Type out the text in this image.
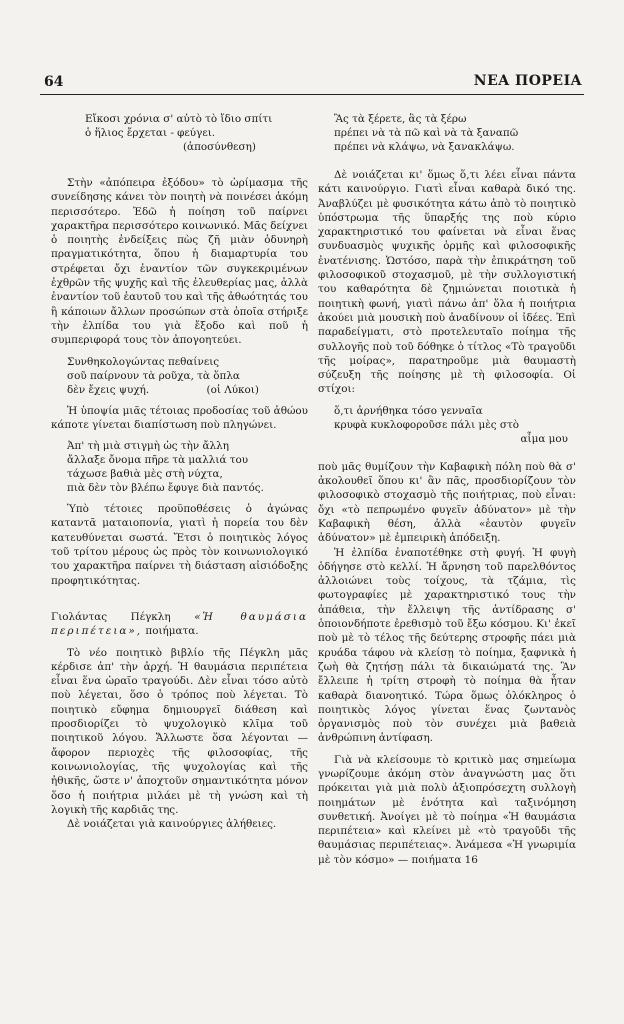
64	ΝΕΑ ΠΟΡΕΙΑ
Εἴκοσι χρόνια σ' αὐτὸ τὸ ἴδιο σπίτι
ὁ ἥλιος ἔρχεται - φεύγει.
(ἀποσύνθεση)

Στὴν «ἀπόπειρα ἐξόδου» τὸ ὡρίμασμα τῆς συνείδησης κάνει τὸν ποιητὴ νὰ ποινέσει ἀκόμη περισσότερο. Ἐδῶ ἡ ποίηση τοῦ παίρνει χαρακτῆρα περισσότερο κοινωνικό. Μᾶς δείχνει ὁ ποιητὴς ἐνδείξεις πὼς ζῆ μιὰν ὀδυνηρὴ πραγματικότητα, ὅπου ἡ διαμαρτυρία του στρέφεται ὄχι ἐναντίον τῶν συγκεκριμένων ἐχθρῶν τῆς ψυχῆς καὶ τῆς ἐλευθερίας μας, ἀλλὰ ἐναντίον τοῦ ἑαυτοῦ του καὶ τῆς ἀθωότητάς του ἢ κάποιων ἄλλων προσώπων στὰ ὁποῖα στήριξε τὴν ἐλπίδα του γιὰ ἔξοδο καὶ ποῦ ἡ συμπεριφορά τους τὸν ἀπογοητεύει.

Συνθηκολογώντας πεθαίνεις
σοῦ παίρνουν τὰ ροῦχα, τὰ ὅπλα
δὲν ἔχεις ψυχή.	(οἱ Λύκοι)

Ἡ ὑποψία μιᾶς τέτοιας προδοσίας τοῦ ἀθώου κάποτε γίνεται διαπίστωση ποὺ πληγώνει.

Ἀπ' τὴ μιὰ στιγμὴ ὡς τὴν ἄλλη
ἄλλαξε ὄνομα πῆρε τὰ μαλλιά του
τάχωσε βαθιὰ μὲς στὴ νύχτα,
πιὰ δὲν τὸν βλέπω ἔφυγε διὰ παντός.

Ὑπὸ τέτοιες προϋποθέσεις ὁ ἀγώνας καταντᾶ ματαιοπονία, γιατὶ ἡ πορεία του δὲν κατευθύνεται σωστά. Ἔτσι ὁ ποιητικὸς λόγος τοῦ τρίτου μέρους ὡς πρὸς τὸν κοινωνιολογικό του χαρακτῆρα παίρνει τὴ διάσταση αἰσιόδοξης προφητικότητας.

Γιολάντας Πέγκλη «Ἡ θαυμάσια περιπέτεια», ποιήματα.

Τὸ νέο ποιητικὸ βιβλίο τῆς Πέγκλη μᾶς κέρδισε ἀπ' τὴν ἀρχή. Ἡ θαυμάσια περιπέτεια εἶναι ἕνα ὡραῖο τραγούδι. Δὲν εἶναι τόσο αὐτὸ ποὺ λέγεται, ὅσο ὁ τρόπος ποὺ λέγεται. Τὸ ποιητικὸ εὔφημα δημιουργεῖ διάθεση καὶ προσδιορίζει τὸ ψυχολογικὸ κλῖμα τοῦ ποιητικοῦ λόγου. Ἄλλωστε ὅσα λέγονται — ἄφορον περιοχὲς τῆς φιλοσοφίας, τῆς κοινωνιολογίας, τῆς ψυχολογίας καὶ τῆς ἠθικῆς, ὥστε ν' ἀποχτοῦν σημαντικότητα μόνον ὅσο ἡ ποιήτρια μιλάει μὲ τὴ γνώση καὶ τὴ λογικὴ τῆς καρδιᾶς της.

Δὲ νοιάζεται γιὰ καινούργιες ἀλήθειες.

Ἂς τὰ ξέρετε, ἃς τὰ ξέρω
πρέπει νὰ τὰ πῶ καὶ νὰ τὰ ξαναπῶ
πρέπει νὰ κλάψω, νὰ ξανακλάψω.

Δὲ νοιάζεται κι' ὅμως ὅ,τι λέει εἶναι πάντα κάτι καινούργιο. Γιατὶ εἶναι καθαρὰ δικό της. Ἀναβλύζει μὲ φυσικότητα κάτω ἀπὸ τὸ ποιητικὸ ὑπόστρωμα τῆς ὕπαρξής της ποὺ κύριο χαρακτηριστικό του φαίνεται νὰ εἶναι ἕνας συνδυασμὸς ψυχικῆς ὁρμῆς καὶ φιλοσοφικῆς ἐνατένισης. Ὡστόσο, παρὰ τὴν ἐπικράτηση τοῦ φιλοσοφικοῦ στοχασμοῦ, μὲ τὴν συλλογιστική του καθαρότητα δὲ ζημιώνεται ποιοτικὰ ἡ ποιητικὴ φωνή, γιατὶ πάνω ἀπ' ὅλα ἡ ποιήτρια ἀκούει μιὰ μουσικὴ ποὺ ἀναδίνουν οἱ ἰδέες. Ἐπὶ παραδείγματι, στὸ προτελευταῖο ποίημα τῆς συλλογῆς ποὺ τοῦ δόθηκε ὁ τίτλος «Τὸ τραγοῦδι τῆς μοίρας», παρατηροῦμε μιὰ θαυμαστὴ σύζευξη τῆς ποίησης μὲ τὴ φιλοσοφία. Οἱ στίχοι:

ὅ,τι ἀρνήθηκα τόσο γενναῖα
κρυφὰ κυκλοφοροῦσε πάλι μὲς στὸ
αἷμα μου

ποὺ μᾶς θυμίζουν τὴν Καβαφικὴ πόλη ποὺ θὰ σ' ἀκολουθεῖ ὅπου κι' ἂν πᾶς, προσδιορίζουν τὸν φιλοσοφικὸ στοχασμὸ τῆς ποιήτριας, ποὺ εἶναι: ὄχι «τὸ πεπρωμένο φυγεῖν ἀδύνατον» μὲ τὴν Καβαφικὴ θέση, ἀλλὰ «ἑαυτὸν φυγεῖν ἀδύνατον» μὲ ἐμπειρικὴ ἀπόδειξη.

Ἡ ἐλπίδα ἐναποτέθηκε στὴ φυγή. Ἡ φυγὴ ὁδήγησε στὸ κελλί. Ἡ ἄρνηση τοῦ παρελθόντος ἀλλοιώνει τοὺς τοίχους, τὰ τζάμια, τὶς φωτογραφίες μὲ χαρακτηριστικό τους τὴν ἀπάθεια, τὴν ἔλλειψη τῆς ἀντίδρασης σ' ὁποιονδήποτε ἐρεθισμὸ τοῦ ἔξω κόσμου. Κι' ἐκεῖ ποὺ μὲ τὸ τέλος τῆς δεύτερης στροφῆς πάει μιὰ κρυάδα τάφου νὰ κλείσῃ τὸ ποίημα, ξαφνικὰ ἡ ζωὴ θὰ ζητήσῃ πάλι τὰ δικαιώματά της. Ἂν ἔλλειπε ἡ τρίτη στροφὴ τὸ ποίημα θὰ ἦταν καθαρὰ διανοητικό. Τώρα ὅμως ὁλόκληρος ὁ ποιητικὸς λόγος γίνεται ἕνας ζωντανὸς ὀργανισμὸς ποὺ τὸν συνέχει μιὰ βαθειὰ ἀνθρώπινη ἀντίφαση.

Γιὰ νὰ κλείσουμε τὸ κριτικὸ μας σημείωμα γνωρίζουμε ἀκόμη στὸν ἀναγνώστη μας ὅτι πρόκειται γιὰ μιὰ πολὺ ἀξιοπρόσεχτη συλλογὴ ποιημάτων μὲ ἑνότητα καὶ ταξινόμηση συνθετική. Ἀνοίγει μὲ τὸ ποίημα «Ἡ θαυμάσια περιπέτεια» καὶ κλείνει μὲ «τὸ τραγοῦδι τῆς θαυμάσιας περιπέτειας». Ἀνάμεσα «Ἡ γνωριμία μὲ τὸν κόσμο» — ποιήματα 16
